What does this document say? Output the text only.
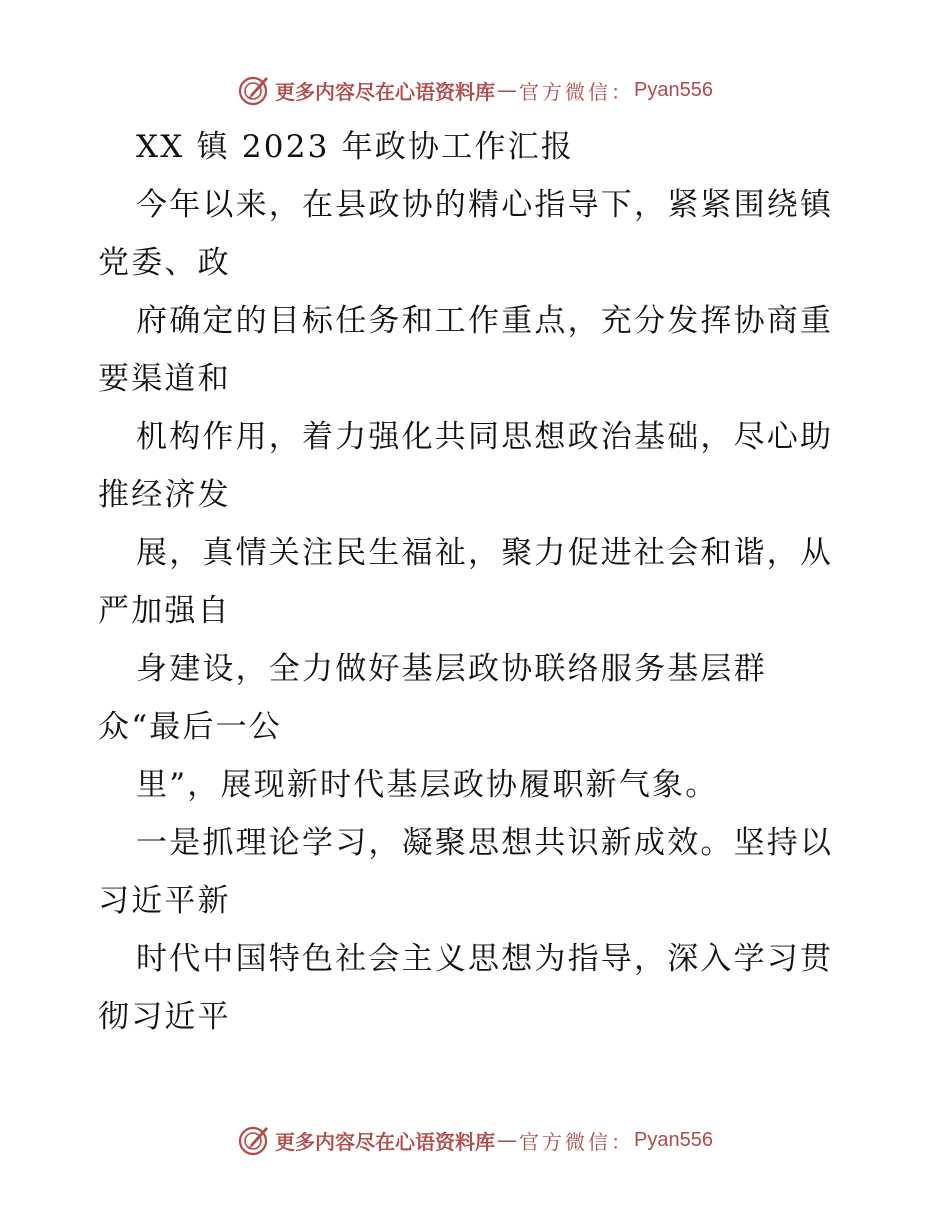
更多内容尽在心语资料库 — 官方微信： Pyan556
XX 镇 2023 年政协工作汇报
今年以来，在县政协的精心指导下，紧紧围绕镇
党委、政
府确定的目标任务和工作重点，充分发挥协商重
要渠道和
机构作用，着力强化共同思想政治基础，尽心助
推经济发
展，真情关注民生福祉，聚力促进社会和谐，从
严加强自
身建设，全力做好基层政协联络服务基层群
众“最后一公
里”，展现新时代基层政协履职新气象。
一是抓理论学习，凝聚思想共识新成效。坚持以
习近平新
时代中国特色社会主义思想为指导，深入学习贯
彻习近平
更多内容尽在心语资料库 — 官方微信： Pyan556
